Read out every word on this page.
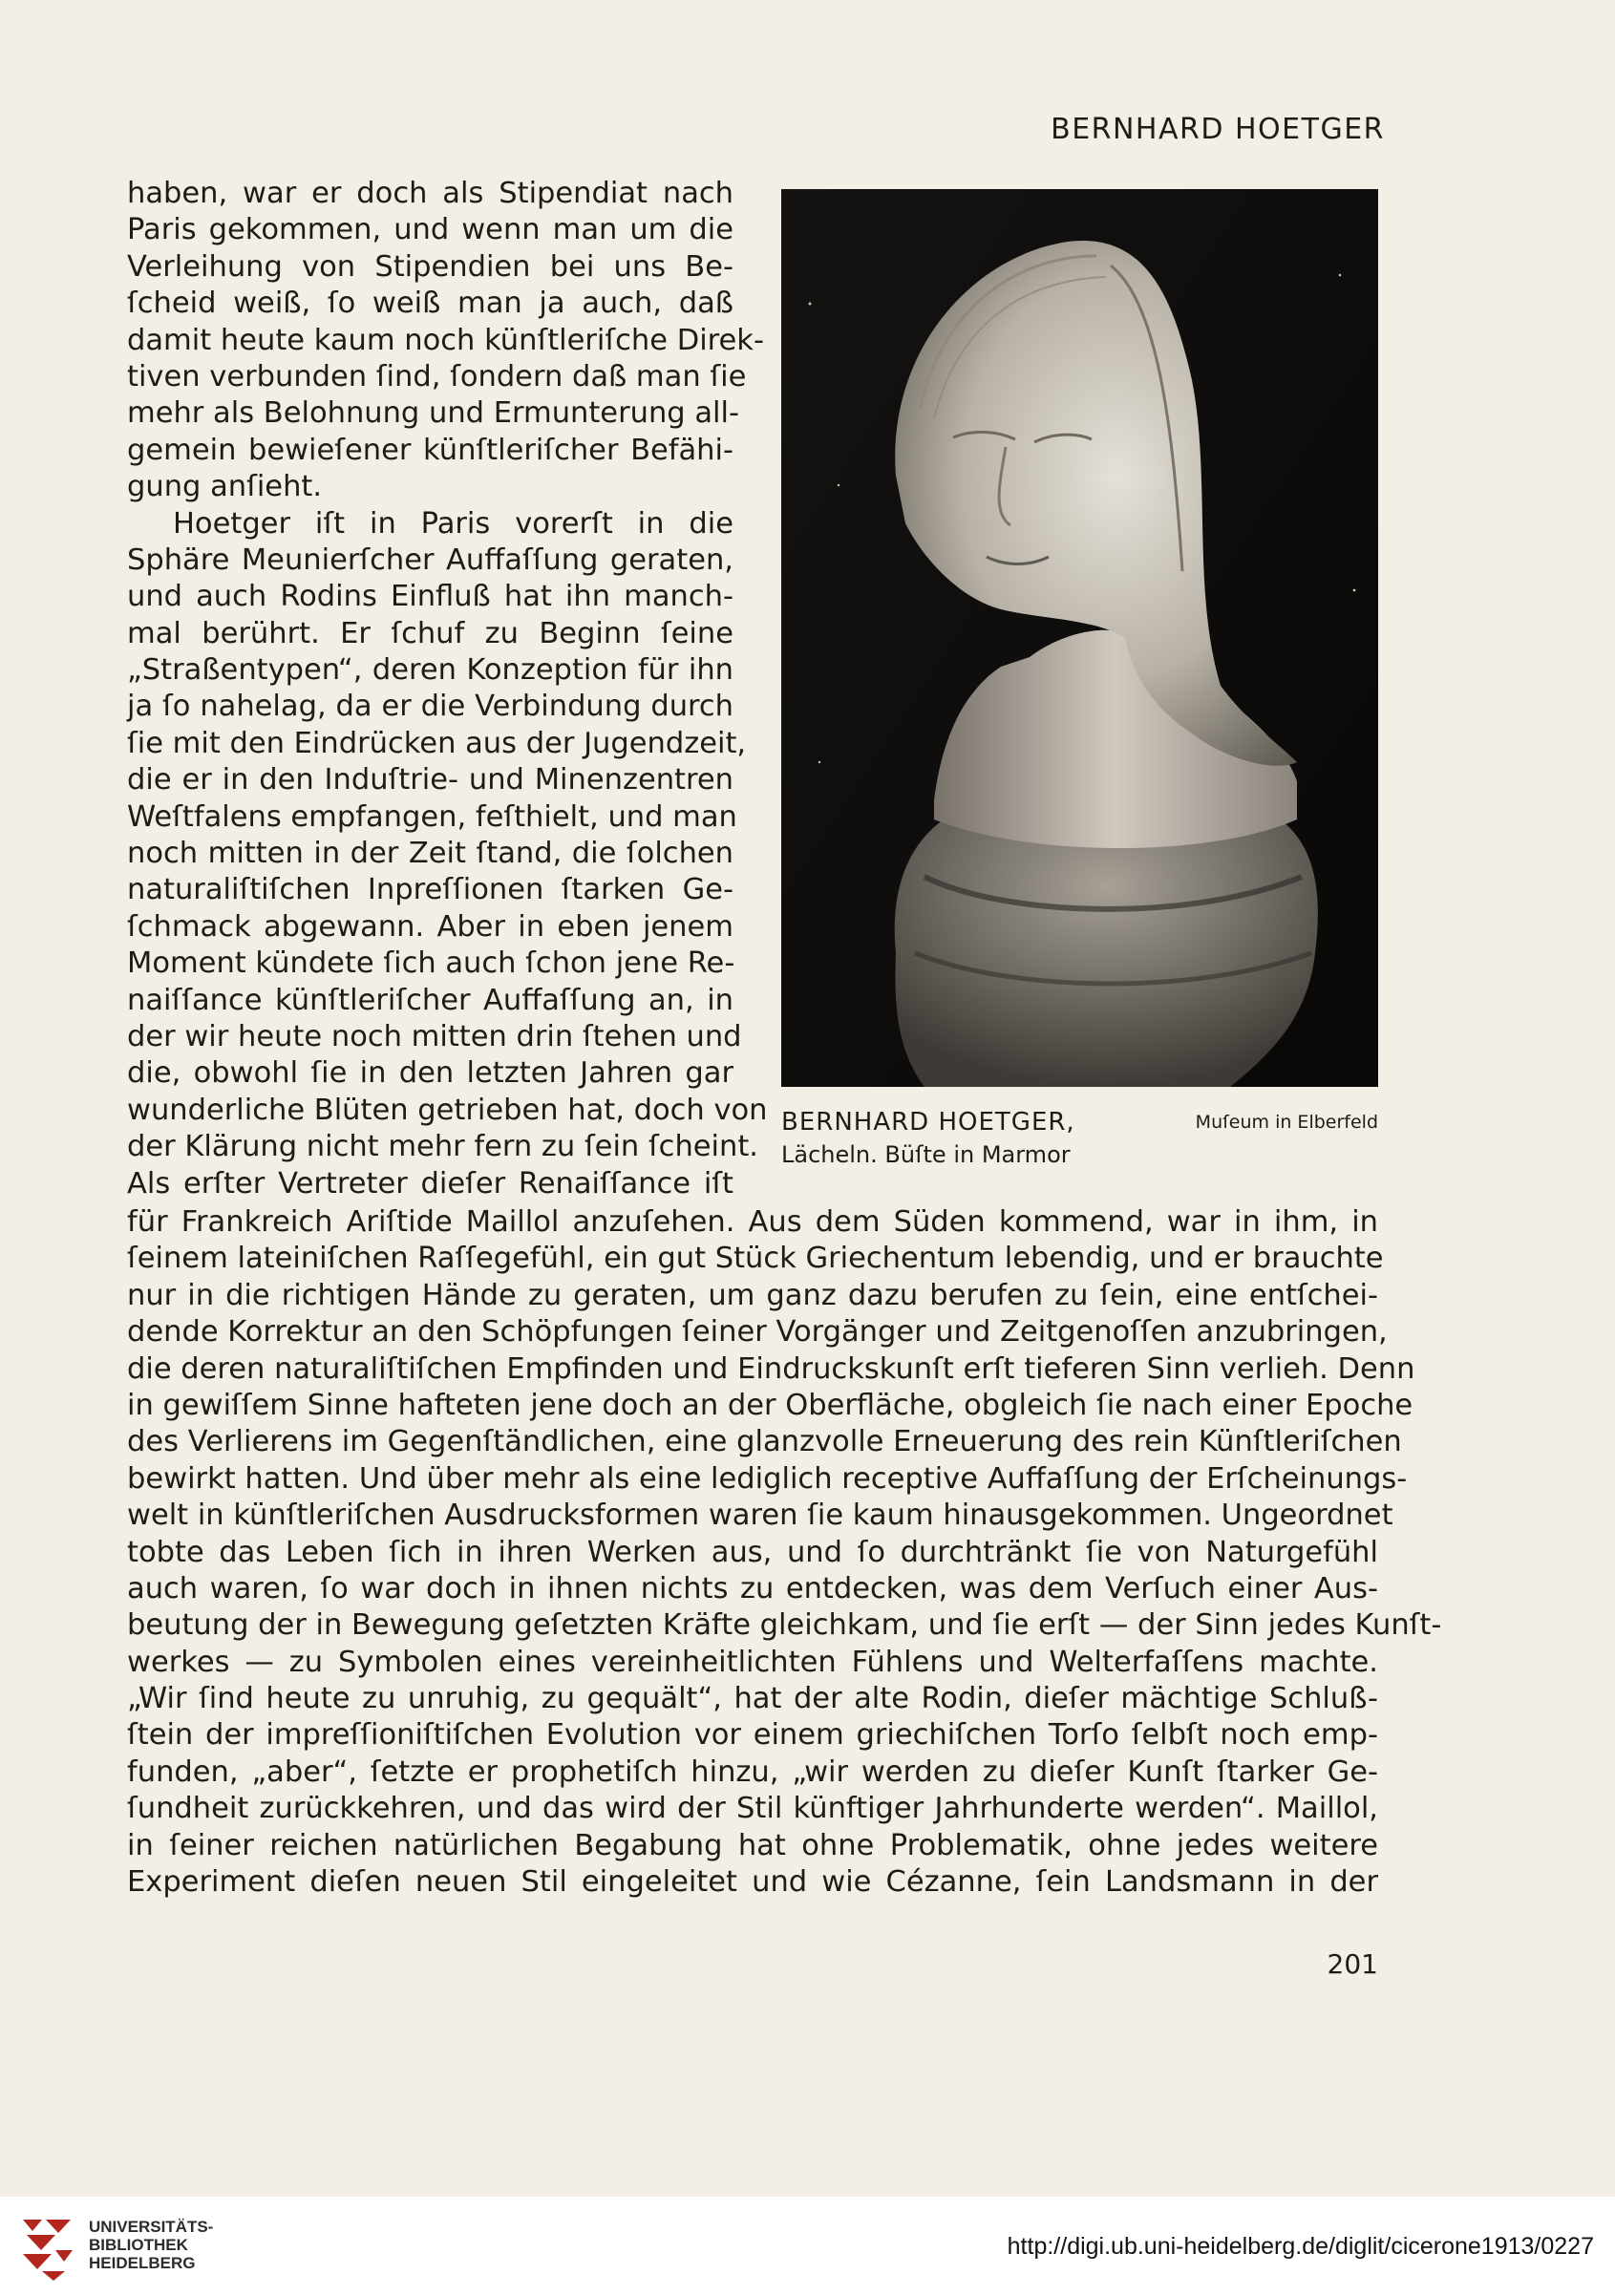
BERNHARD HOETGER
haben, war er doch als Stipendiat nach
Paris gekommen, und wenn man um die
Verleihung von Stipendien bei uns Be-
ſcheid weiß, ſo weiß man ja auch, daß
damit heute kaum noch künſtleriſche Direk-
tiven verbunden ſind, ſondern daß man ſie
mehr als Belohnung und Ermunterung all-
gemein bewieſener künſtleriſcher Befähi-
gung anſieht.
Hoetger iſt in Paris vorerſt in die
Sphäre Meunierſcher Auffaſſung geraten,
und auch Rodins Einfluß hat ihn manch-
mal berührt. Er ſchuf zu Beginn ſeine
„Straßentypen“, deren Konzeption für ihn
ja ſo nahelag, da er die Verbindung durch
ſie mit den Eindrücken aus der Jugendzeit,
die er in den Induſtrie- und Minenzentren
Weſtfalens empfangen, feſthielt, und man
noch mitten in der Zeit ſtand, die ſolchen
naturaliſtiſchen Inpreſſionen ſtarken Ge-
ſchmack abgewann. Aber in eben jenem
Moment kündete ſich auch ſchon jene Re-
naiſſance künſtleriſcher Auffaſſung an, in
der wir heute noch mitten drin ſtehen und
die, obwohl ſie in den letzten Jahren gar
wunderliche Blüten getrieben hat, doch von
der Klärung nicht mehr fern zu ſein ſcheint.
Als erſter Vertreter dieſer Renaiſſance iſt
BERNHARD HOETGER,
Lächeln. Büſte in Marmor
Muſeum in Elberfeld
für Frankreich Ariſtide Maillol anzuſehen. Aus dem Süden kommend, war in ihm, in
ſeinem lateiniſchen Raſſegefühl, ein gut Stück Griechentum lebendig, und er brauchte
nur in die richtigen Hände zu geraten, um ganz dazu berufen zu ſein, eine entſchei-
dende Korrektur an den Schöpfungen ſeiner Vorgänger und Zeitgenoſſen anzubringen,
die deren naturaliſtiſchen Empfinden und Eindruckskunſt erſt tieferen Sinn verlieh. Denn
in gewiſſem Sinne hafteten jene doch an der Oberfläche, obgleich ſie nach einer Epoche
des Verlierens im Gegenſtändlichen, eine glanzvolle Erneuerung des rein Künſtleriſchen
bewirkt hatten. Und über mehr als eine lediglich receptive Auffaſſung der Erſcheinungs-
welt in künſtleriſchen Ausdrucksformen waren ſie kaum hinausgekommen. Ungeordnet
tobte das Leben ſich in ihren Werken aus, und ſo durchtränkt ſie von Naturgefühl
auch waren, ſo war doch in ihnen nichts zu entdecken, was dem Verſuch einer Aus-
beutung der in Bewegung geſetzten Kräfte gleichkam, und ſie erſt — der Sinn jedes Kunſt-
werkes — zu Symbolen eines vereinheitlichten Fühlens und Welterfaſſens machte.
„Wir ſind heute zu unruhig, zu gequält“, hat der alte Rodin, dieſer mächtige Schluß-
ſtein der impreſſioniſtiſchen Evolution vor einem griechiſchen Torſo ſelbſt noch emp-
funden, „aber“, ſetzte er prophetiſch hinzu, „wir werden zu dieſer Kunſt ſtarker Ge-
ſundheit zurückkehren, und das wird der Stil künftiger Jahrhunderte werden“. Maillol,
in ſeiner reichen natürlichen Begabung hat ohne Problematik, ohne jedes weitere
Experiment dieſen neuen Stil eingeleitet und wie Cézanne, ſein Landsmann in der
201
UNIVERSITÄTS-
BIBLIOTHEK
HEIDELBERG
http://digi.ub.uni-heidelberg.de/diglit/cicerone1913/0227
